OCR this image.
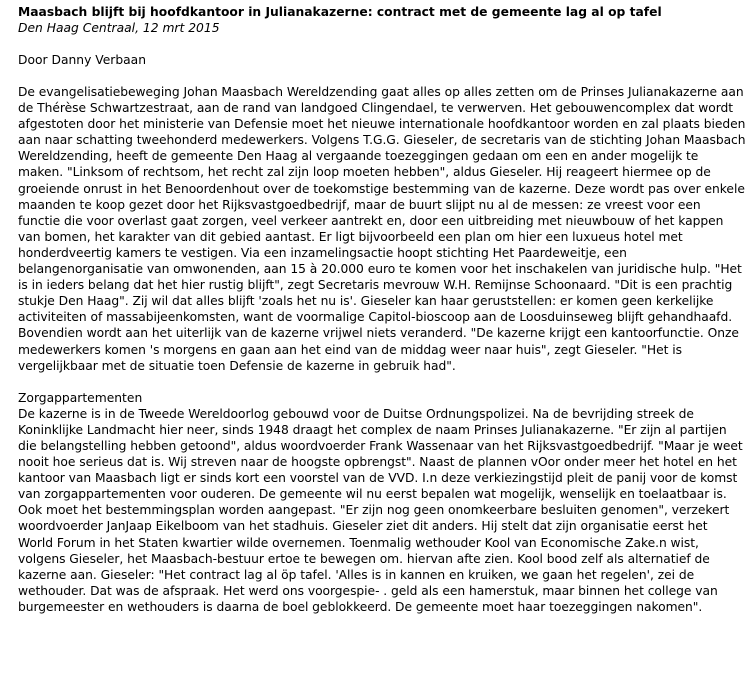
Maasbach blijft bij hoofdkantoor in Julianakazerne: contract met de gemeente lag al op tafel
Den Haag Centraal, 12 mrt 2015

Door Danny Verbaan

De evangelisatiebeweging Johan Maasbach Wereldzending gaat alles op alles zetten om de Prinses Julianakazerne aan de Thérèse Schwartzestraat, aan de rand van landgoed Clingendael, te verwerven. Het gebouwencomplex dat wordt afgestoten door het ministerie van Defensie moet het nieuwe internationale hoofdkantoor worden en zal plaats bieden aan naar schatting tweehonderd medewerkers. Volgens T.G.G. Gieseler, de secretaris van de stichting Johan Maasbach Wereldzending, heeft de gemeente Den Haag al vergaande toezeggingen gedaan om een en ander mogelijk te maken. "Linksom of rechtsom, het recht zal zijn loop moeten hebben", aldus Gieseler. Hij reageert hiermee op de groeiende onrust in het Benoordenhout over de toekomstige bestemming van de kazerne. Deze wordt pas over enkele maanden te koop gezet door het Rijksvastgoedbedrijf, maar de buurt slijpt nu al de messen: ze vreest voor een functie die voor overlast gaat zorgen, veel verkeer aantrekt en, door een uitbreiding met nieuwbouw of het kappen van bomen, het karakter van dit gebied aantast. Er ligt bijvoorbeeld een plan om hier een luxueus hotel met honderdveertig kamers te vestigen. Via een inzamelingsactie hoopt stichting Het Paardeweitje, een belangenorganisatie van omwonenden, aan 15 à 20.000 euro te komen voor het inschakelen van juridische hulp. "Het is in ieders belang dat het hier rustig blijft", zegt Secretaris mevrouw W.H. Remijnse Schoonaard. "Dit is een prachtig stukje Den Haag". Zij wil dat alles blijft 'zoals het nu is'. Gieseler kan haar geruststellen: er komen geen kerkelijke activiteiten of massabijeenkomsten, want de voormalige Capitol-bioscoop aan de Loosduinseweg blijft gehandhaafd. Bovendien wordt aan het uiterlijk van de kazerne vrijwel niets veranderd. "De kazerne krijgt een kantoorfunctie. Onze medewerkers komen 's morgens en gaan aan het eind van de middag weer naar huis", zegt Gieseler. "Het is vergelijkbaar met de situatie toen Defensie de kazerne in gebruik had".

Zorgappartementen

De kazerne is in de Tweede Wereldoorlog gebouwd voor de Duitse Ordnungspolizei. Na de bevrijding streek de Koninklijke Landmacht hier neer, sinds 1948 draagt het complex de naam Prinses Julianakazerne. "Er zijn al partijen die belangstelling hebben getoond", aldus woordvoerder Frank Wassenaar van het Rijksvastgoedbedrijf. "Maar je weet nooit hoe serieus dat is. Wij streven naar de hoogste opbrengst". Naast de plannen vOor onder meer het hotel en het kantoor van Maasbach ligt er sinds kort een voorstel van de VVD. I.n deze verkiezingstijd pleit de panij voor de komst van zorgappartementen voor ouderen. De gemeente wil nu eerst bepalen wat mogelijk, wenselijk en toelaatbaar is. Ook moet het bestemmingsplan worden aangepast. "Er zijn nog geen onomkeerbare besluiten genomen", verzekert woordvoerder JanJaap Eikelboom van het stadhuis. Gieseler ziet dit anders. Hij stelt dat zijn organisatie eerst het World Forum in het Staten kwartier wilde overnemen. Toenmalig wethouder Kool van Economische Zake.n wist, volgens Gieseler, het Maasbach-bestuur ertoe te bewegen om. hiervan afte zien. Kool bood zelf als alternatief de kazerne aan. Gieseler: "Het contract lag al öp tafel. 'Alles is in kannen en kruiken, we gaan het regelen', zei de wethouder. Dat was de afspraak. Het werd ons voorgespie- . geld als een hamerstuk, maar binnen het college van burgemeester en wethouders is daarna de boel geblokkeerd. De gemeente moet haar toezeggingen nakomen".
